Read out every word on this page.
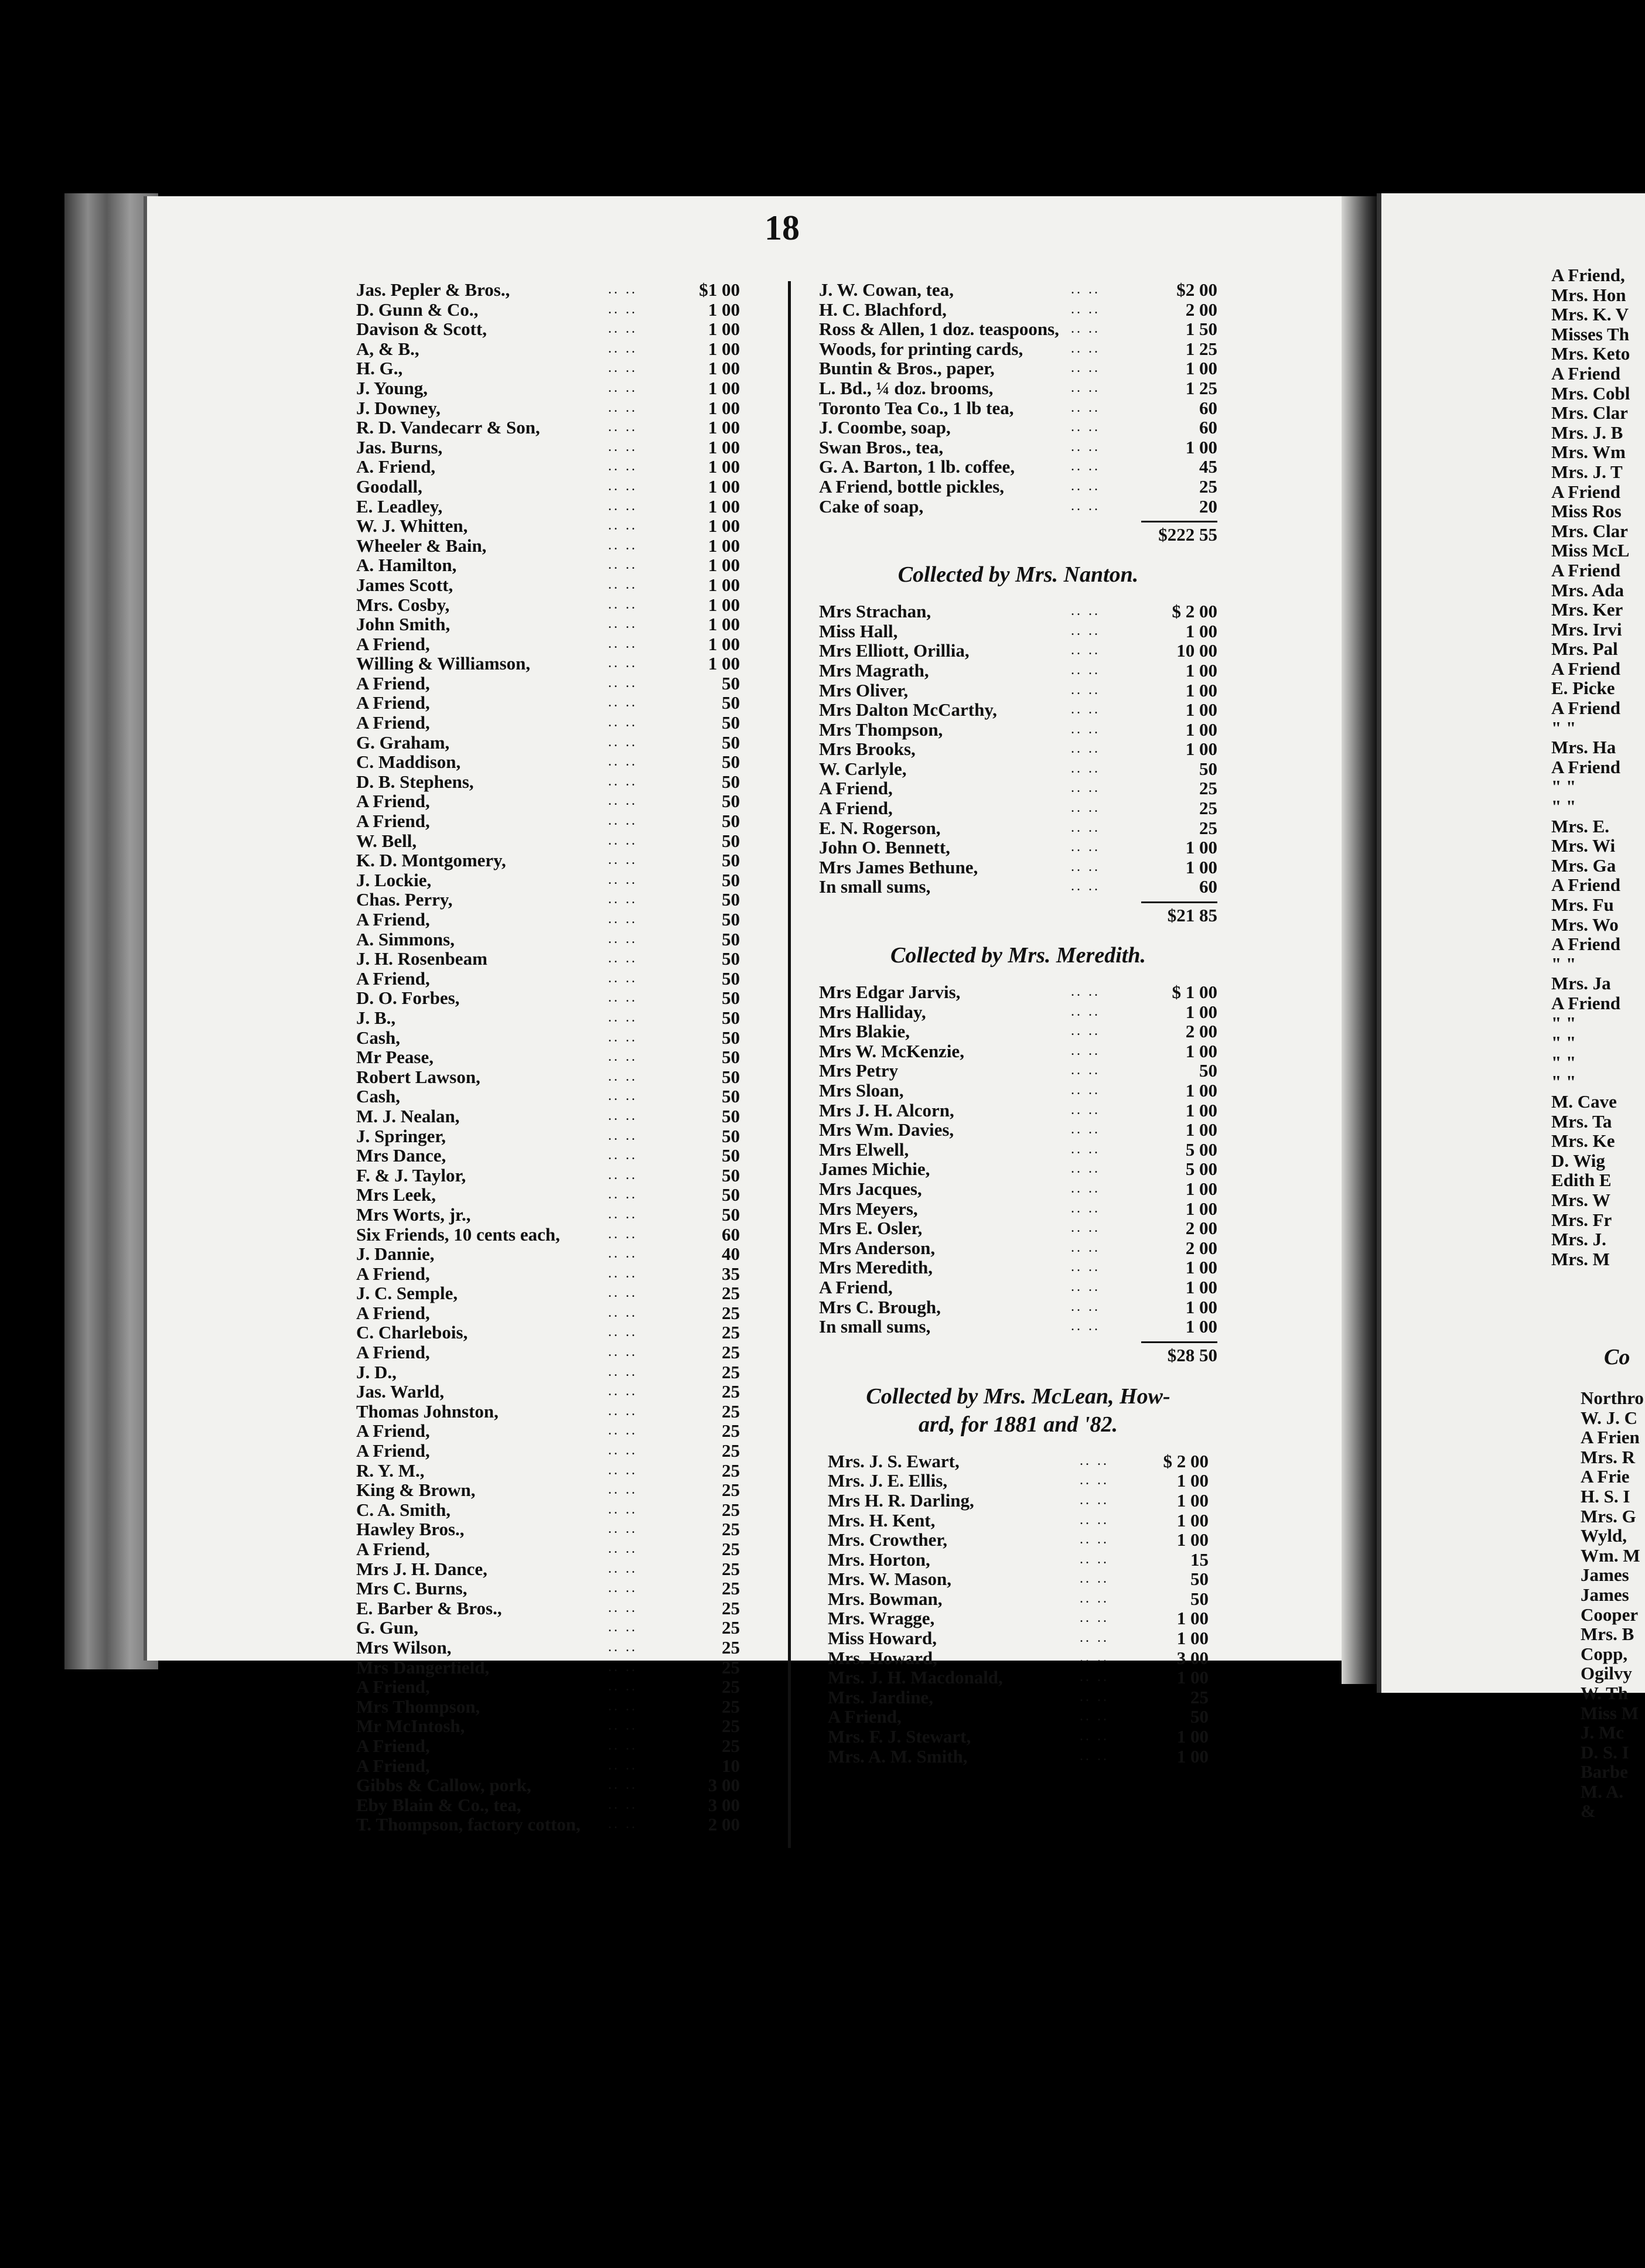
A Friend,
Mrs. Hon
Mrs. K. V
Misses Th
Mrs. Keto
A Friend
Mrs. Cobl
Mrs. Clar
Mrs. J. B
Mrs. Wm
Mrs. J. T
A Friend
Miss Ros
Mrs. Clar
Miss McL
A Friend
Mrs. Ada
Mrs. Ker
Mrs. Irvi
Mrs. Pal
A Friend
E. Picke
A Friend
" "
Mrs. Ha
A Friend
" "
" "
Mrs. E.
Mrs. Wi
Mrs. Ga
A Friend
Mrs. Fu
Mrs. Wo
A Friend
" "
Mrs. Ja
A Friend
" "
" "
" "
" "
M. Cave
Mrs. Ta
Mrs. Ke
D. Wig
Edith E
Mrs. W
Mrs. Fr
Mrs. J.
Mrs. M
Co
Northro
W. J. C
A Frien
Mrs. R
A Frie
H. S. I
Mrs. G
Wyld,
Wm. M
James
James
Cooper
Mrs. B
Copp,
Ogilvy
W. Th
Miss M
J. Mc
D. S. I
Barbe
M. A.
&
18
Jas. Pepler & Bros.,	.. ..	$1 00
D. Gunn & Co.,	.. ..	1 00
Davison & Scott,	.. ..	1 00
A, & B.,	.. ..	1 00
H. G.,	.. ..	1 00
J. Young,	.. ..	1 00
J. Downey,	.. ..	1 00
R. D. Vandecarr & Son,	.. ..	1 00
Jas. Burns,	.. ..	1 00
A. Friend,	.. ..	1 00
Goodall,	.. ..	1 00
E. Leadley,	.. ..	1 00
W. J. Whitten,	.. ..	1 00
Wheeler & Bain,	.. ..	1 00
A. Hamilton,	.. ..	1 00
James Scott,	.. ..	1 00
Mrs. Cosby,	.. ..	1 00
John Smith,	.. ..	1 00
A Friend,	.. ..	1 00
Willing & Williamson,	.. ..	1 00
A Friend,	.. ..	50
A Friend,	.. ..	50
A Friend,	.. ..	50
G. Graham,	.. ..	50
C. Maddison,	.. ..	50
D. B. Stephens,	.. ..	50
A Friend,	.. ..	50
A Friend,	.. ..	50
W. Bell,	.. ..	50
K. D. Montgomery,	.. ..	50
J. Lockie,	.. ..	50
Chas. Perry,	.. ..	50
A Friend,	.. ..	50
A. Simmons,	.. ..	50
J. H. Rosenbeam	.. ..	50
A Friend,	.. ..	50
D. O. Forbes,	.. ..	50
J. B.,	.. ..	50
Cash,	.. ..	50
Mr Pease,	.. ..	50
Robert Lawson,	.. ..	50
Cash,	.. ..	50
M. J. Nealan,	.. ..	50
J. Springer,	.. ..	50
Mrs Dance,	.. ..	50
F. & J. Taylor,	.. ..	50
Mrs Leek,	.. ..	50
Mrs Worts, jr.,	.. ..	50
Six Friends, 10 cents each,	.. ..	60
J. Dannie,	.. ..	40
A Friend,	.. ..	35
J. C. Semple,	.. ..	25
A Friend,	.. ..	25
C. Charlebois,	.. ..	25
A Friend,	.. ..	25
J. D.,	.. ..	25
Jas. Warld,	.. ..	25
Thomas Johnston,	.. ..	25
A Friend,	.. ..	25
A Friend,	.. ..	25
R. Y. M.,	.. ..	25
King & Brown,	.. ..	25
C. A. Smith,	.. ..	25
Hawley Bros.,	.. ..	25
A Friend,	.. ..	25
Mrs J. H. Dance,	.. ..	25
Mrs C. Burns,	.. ..	25
E. Barber & Bros.,	.. ..	25
G. Gun,	.. ..	25
Mrs Wilson,	.. ..	25
Mrs Dangerfield,	.. ..	25
A Friend,	.. ..	25
Mrs Thompson,	.. ..	25
Mr McIntosh,	.. ..	25
A Friend,	.. ..	25
A Friend,	.. ..	10
Gibbs & Callow, pork,	.. ..	3 00
Eby Blain & Co., tea,	.. ..	3 00
T. Thompson, factory cotton, .. ..	2 00
J. W. Cowan, tea,	.. ..	$2 00
H. C. Blachford,	.. ..	2 00
Ross & Allen, 1 doz. teaspoons, .. ..	1 50
Woods, for printing cards,	.. ..	1 25
Buntin & Bros., paper,	.. ..	1 00
L. Bd., ¼ doz. brooms,	.. ..	1 25
Toronto Tea Co., 1 lb tea,	.. ..	60
J. Coombe, soap,	.. ..	60
Swan Bros., tea,	.. ..	1 00
G. A. Barton, 1 lb. coffee,	.. ..	45
A Friend, bottle pickles,	.. ..	25
Cake of soap,	.. ..	20
$222 55
Collected by Mrs. Nanton.
Mrs Strachan,	.. ..	$ 2 00
Miss Hall,	.. ..	1 00
Mrs Elliott, Orillia,	.. ..	10 00
Mrs Magrath,	.. ..	1 00
Mrs Oliver,	.. ..	1 00
Mrs Dalton McCarthy,	.. ..	1 00
Mrs Thompson,	.. ..	1 00
Mrs Brooks,	.. ..	1 00
W. Carlyle,	.. ..	50
A Friend,	.. ..	25
A Friend,	.. ..	25
E. N. Rogerson,	.. ..	25
John O. Bennett,	.. ..	1 00
Mrs James Bethune,	.. ..	1 00
In small sums,	.. ..	60
$21 85
Collected by Mrs. Meredith.
Mrs Edgar Jarvis,	.. ..	$ 1 00
Mrs Halliday,	.. ..	1 00
Mrs Blakie,	.. ..	2 00
Mrs W. McKenzie,	.. ..	1 00
Mrs Petry	.. ..	50
Mrs Sloan,	.. ..	1 00
Mrs J. H. Alcorn,	.. ..	1 00
Mrs Wm. Davies,	.. ..	1 00
Mrs Elwell,	.. ..	5 00
James Michie,	.. ..	5 00
Mrs Jacques,	.. ..	1 00
Mrs Meyers,	.. ..	1 00
Mrs E. Osler,	.. ..	2 00
Mrs Anderson,	.. ..	2 00
Mrs Meredith,	.. ..	1 00
A Friend,	.. ..	1 00
Mrs C. Brough,	.. ..	1 00
In small sums,	.. ..	1 00
$28 50
Collected by Mrs. McLean, How-
ard, for 1881 and '82.
Mrs. J. S. Ewart,	.. ..	$ 2 00
Mrs. J. E. Ellis,	.. ..	1 00
Mrs H. R. Darling,	.. ..	1 00
Mrs. H. Kent,	.. ..	1 00
Mrs. Crowther,	.. ..	1 00
Mrs. Horton,	.. ..	15
Mrs. W. Mason,	.. ..	50
Mrs. Bowman,	.. ..	50
Mrs. Wragge,	.. ..	1 00
Miss Howard,	.. ..	1 00
Mrs. Howard,	.. ..	3 00
Mrs. J. H. Macdonald,	.. ..	1 00
Mrs. Jardine,	.. ..	25
A Friend,	.. ..	50
Mrs. F. J. Stewart,	.. ..	1 00
Mrs. A. M. Smith,	.. ..	1 00
